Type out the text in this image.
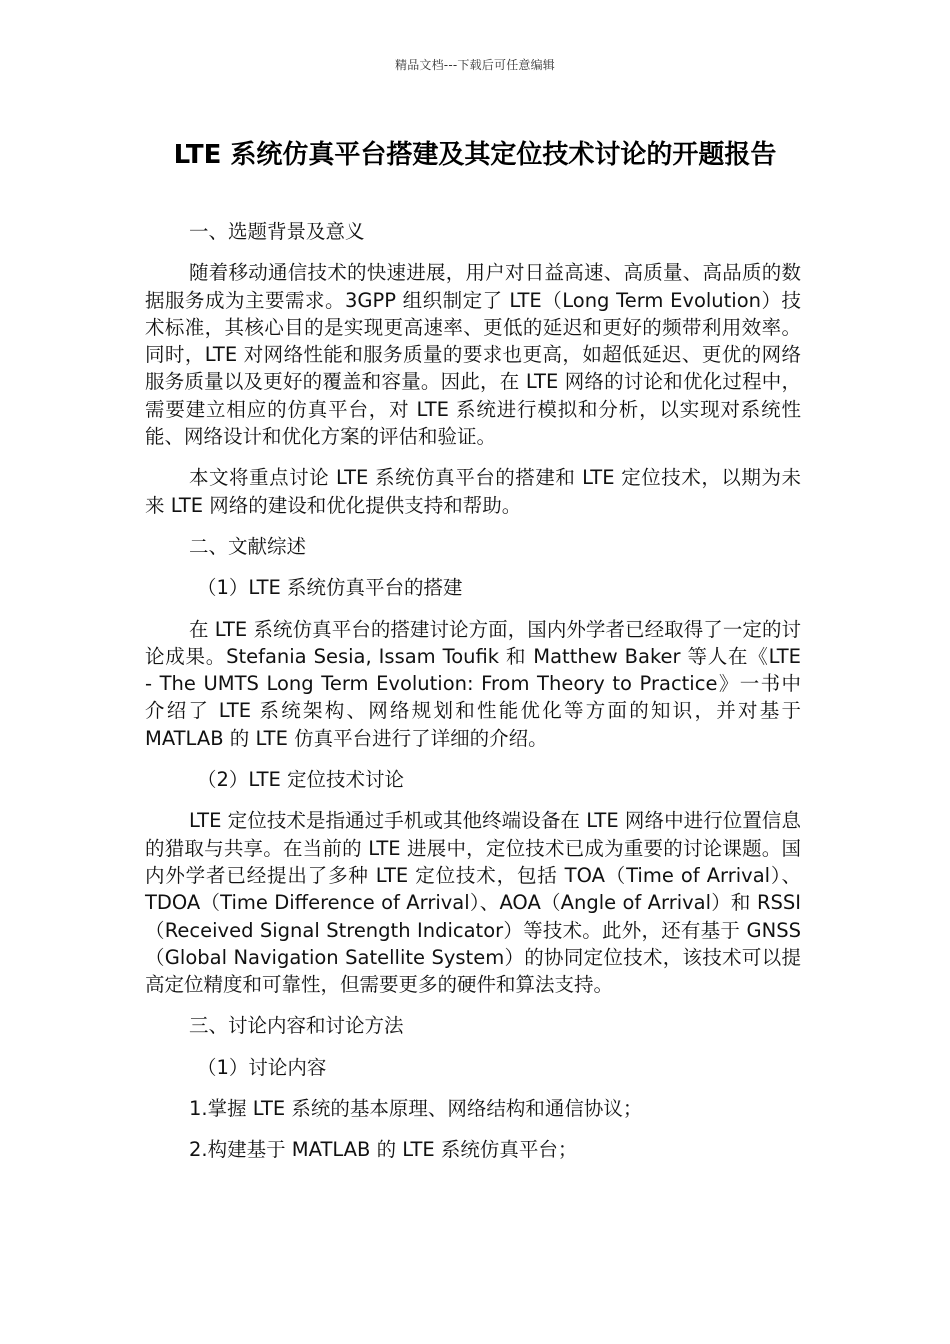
精品文档---下载后可任意编辑
LTE 系统仿真平台搭建及其定位技术讨论的开题报告

一、选题背景及意义

随着移动通信技术的快速进展，用户对日益高速、高质量、高品质的数据服务成为主要需求。3GPP 组织制定了 LTE（Long Term Evolution）技术标准，其核心目的是实现更高速率、更低的延迟和更好的频带利用效率。同时，LTE 对网络性能和服务质量的要求也更高，如超低延迟、更优的网络服务质量以及更好的覆盖和容量。因此，在 LTE 网络的讨论和优化过程中，需要建立相应的仿真平台，对 LTE 系统进行模拟和分析，以实现对系统性能、网络设计和优化方案的评估和验证。

本文将重点讨论 LTE 系统仿真平台的搭建和 LTE 定位技术，以期为未来 LTE 网络的建设和优化提供支持和帮助。

二、文献综述

（1）LTE 系统仿真平台的搭建

在 LTE 系统仿真平台的搭建讨论方面，国内外学者已经取得了一定的讨论成果。Stefania Sesia, Issam Toufik 和 Matthew Baker 等人在《LTE - The UMTS Long Term Evolution: From Theory to Practice》一书中介绍了 LTE 系统架构、网络规划和性能优化等方面的知识，并对基于 MATLAB 的 LTE 仿真平台进行了详细的介绍。

（2）LTE 定位技术讨论

LTE 定位技术是指通过手机或其他终端设备在 LTE 网络中进行位置信息的猎取与共享。在当前的 LTE 进展中，定位技术已成为重要的讨论课题。国内外学者已经提出了多种 LTE 定位技术，包括 TOA（Time of Arrival）、TDOA（Time Difference of Arrival）、AOA（Angle of Arrival）和 RSSI（Received Signal Strength Indicator）等技术。此外，还有基于 GNSS（Global Navigation Satellite System）的协同定位技术，该技术可以提高定位精度和可靠性，但需要更多的硬件和算法支持。

三、讨论内容和讨论方法

（1）讨论内容

1.掌握 LTE 系统的基本原理、网络结构和通信协议；

2.构建基于 MATLAB 的 LTE 系统仿真平台；
